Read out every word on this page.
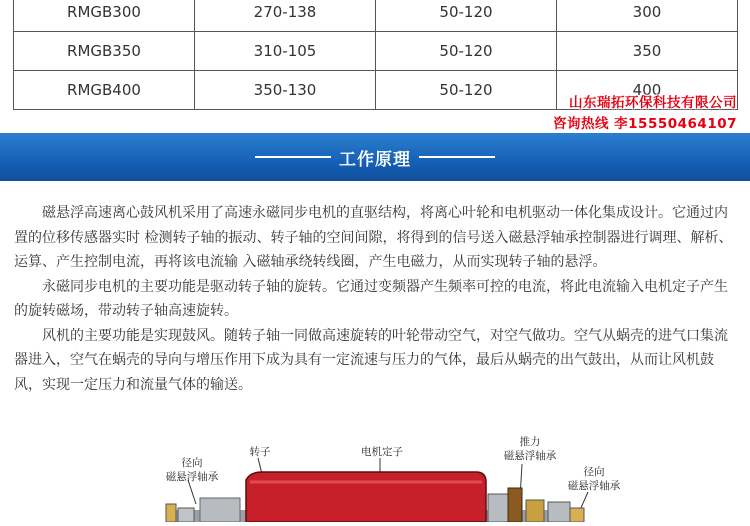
RMGB300	270-138	50-120	300
RMGB350	310-105	50-120	350
RMGB400	350-130	50-120	400
山东瑞拓环保科技有限公司
咨询热线 李15550464107
工作原理

磁悬浮高速离心鼓风机采用了高速永磁同步电机的直驱结构，将离心叶轮和电机驱动一体化集成设计。它通过内置的位移传感器实时 检测转子轴的振动、转子轴的空间间隙，将得到的信号送入磁悬浮轴承控制器进行调理、解析、运算、产生控制电流，再将该电流输 入磁轴承绕转线圈，产生电磁力，从而实现转子轴的悬浮。

永磁同步电机的主要功能是驱动转子轴的旋转。它通过变频器产生频率可控的电流，将此电流输入电机定子产生的旋转磁场，带动转子轴高速旋转。

风机的主要功能是实现鼓风。随转子轴一同做高速旋转的叶轮带动空气，对空气做功。空气从蜗壳的进气口集流器进入，空气在蜗壳的导向与增压作用下成为具有一定流速与压力的气体，最后从蜗壳的出气鼓出，从而让风机鼓风，实现一定压力和流量气体的输送。

径向
磁悬浮轴承
转子	电机定子
推力
磁悬浮轴承
径向
磁悬浮轴承
